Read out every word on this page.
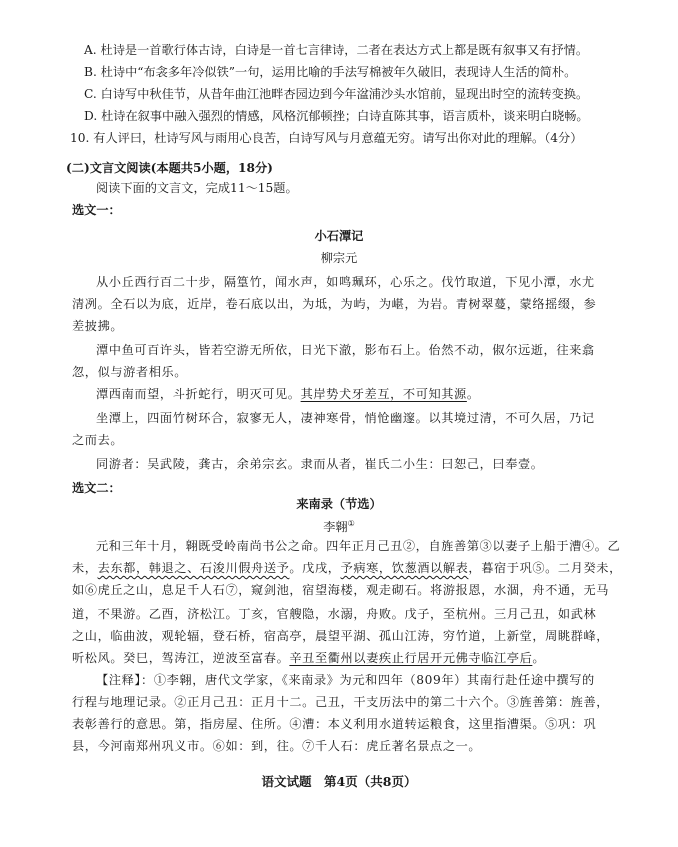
A. 杜诗是一首歌行体古诗，白诗是一首七言律诗，二者在表达方式上都是既有叙事又有抒情。
B. 杜诗中“布衾多年冷似铁”一句，运用比喻的手法写棉被年久破旧，表现诗人生活的简朴。
C. 白诗写中秋佳节，从昔年曲江池畔杏园边到今年湓浦沙头水馆前，显现出时空的流转变换。
D. 杜诗在叙事中融入强烈的情感，风格沉郁顿挫；白诗直陈其事，语言质朴，谈来明白晓畅。
10. 有人评曰，杜诗写风与雨用心良苦，白诗写风与月意蕴无穷。请写出你对此的理解。（4分）
(二)文言文阅读(本题共5小题，18分)
阅读下面的文言文，完成11～15题。
选文一：
小石潭记
柳宗元
从小丘西行百二十步，隔篁竹，闻水声，如鸣珮环，心乐之。伐竹取道，下见小潭，水尤
清冽。全石以为底，近岸，卷石底以出，为坻，为屿，为嵁，为岩。青树翠蔓，蒙络摇缀，参
差披拂。
潭中鱼可百许头，皆若空游无所依，日光下澈，影布石上。佁然不动，俶尔远逝，往来翕
忽，似与游者相乐。
潭西南而望，斗折蛇行，明灭可见。其岸势犬牙差互，不可知其源。
坐潭上，四面竹树环合，寂寥无人，凄神寒骨，悄怆幽邃。以其境过清，不可久居，乃记
之而去。
同游者：吴武陵，龚古，余弟宗玄。隶而从者，崔氏二小生：曰恕己，曰奉壹。
选文二：
来南录（节选）
李翱①
元和三年十月，翱既受岭南尚书公之命。四年正月己丑②，自旌善第③以妻子上船于漕④。乙
未，去东都，韩退之、石浚川假舟送予。戊戌，予病寒，饮葱酒以解表，暮宿于巩⑤。二月癸未，
如⑥虎丘之山，息足千人石⑦，窥剑池，宿望海楼，观走砌石。将游报恩，水涸，舟不通，无马
道，不果游。乙酉，济松江。丁亥，官艘隐，水溺，舟败。戊子，至杭州。三月己丑，如武林
之山，临曲波，观轮辐，登石桥，宿高亭，晨望平湖、孤山江涛，穷竹道，上新堂，周眺群峰，
听松风。癸巳，驾涛江，逆波至富春。辛丑至衢州以妻疾止行居开元佛寺临江亭后。
【注释】：①李翱，唐代文学家，《来南录》为元和四年（809年）其南行赴任途中撰写的
行程与地理记录。②正月己丑：正月十二。己丑，干支历法中的第二十六个。③旌善第：旌善，
表彰善行的意思。第，指房屋、住所。④漕：本义利用水道转运粮食，这里指漕渠。⑤巩：巩
县，今河南郑州巩义市。⑥如：到，往。⑦千人石：虎丘著名景点之一。
语文试题　第4页（共8页）
